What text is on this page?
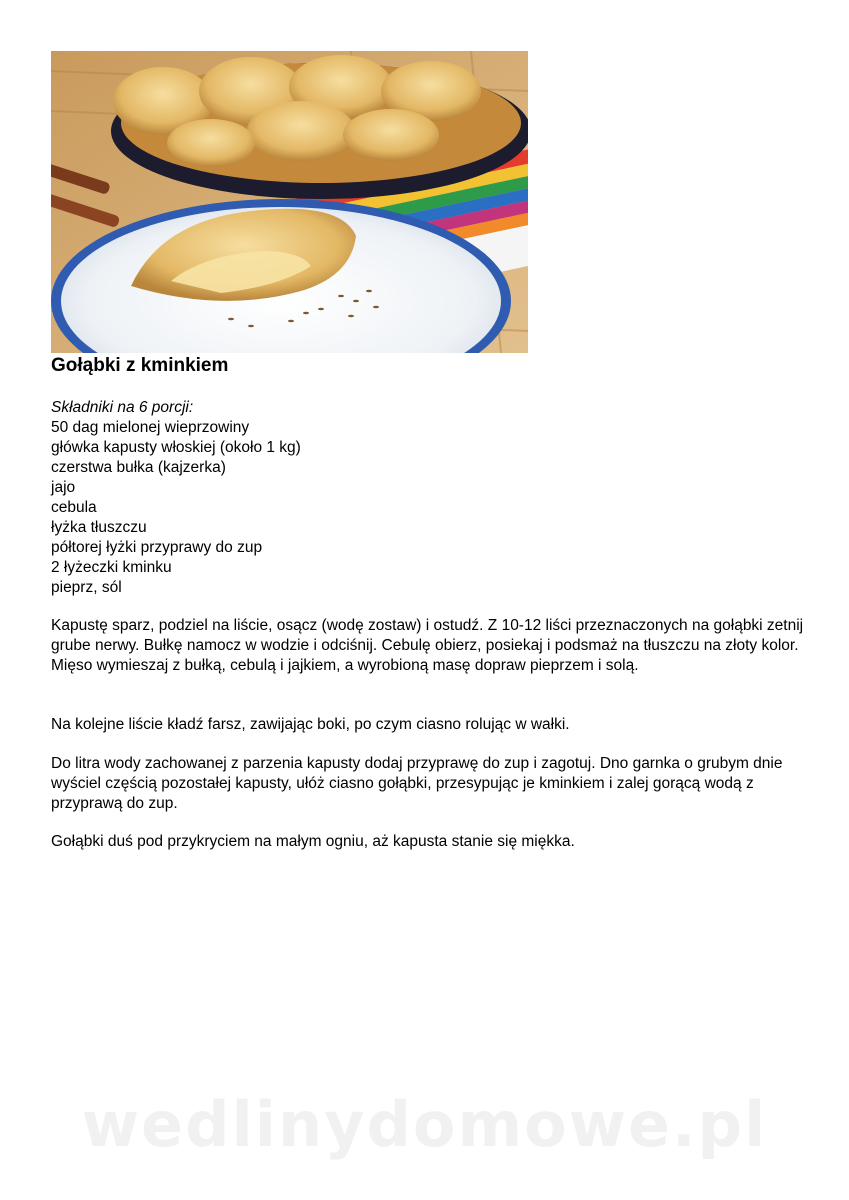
Gołąbki z kminkiem
Składniki na 6 porcji:
50 dag mielonej wieprzowiny
główka kapusty włoskiej (około 1 kg)
czerstwa bułka (kajzerka)
jajo
cebula
łyżka tłuszczu
półtorej łyżki przyprawy do zup
2 łyżeczki kminku
pieprz, sól

Kapustę sparz, podziel na liście, osącz (wodę zostaw) i ostudź. Z 10-12 liści przeznaczonych na gołąbki zetnij grube nerwy. Bułkę namocz w wodzie i odciśnij. Cebulę obierz, posiekaj i podsmaż na tłuszczu na złoty kolor. Mięso wymieszaj z bułką, cebulą i jajkiem, a wyrobioną masę dopraw pieprzem i solą.

Na kolejne liście kładź farsz, zawijając boki, po czym ciasno rolując w wałki.

Do litra wody zachowanej z parzenia kapusty dodaj przyprawę do zup i zagotuj. Dno garnka o grubym dnie wyściel częścią pozostałej kapusty, ułóż ciasno gołąbki, przesypując je kminkiem i zalej gorącą wodą z przyprawą do zup.

Gołąbki duś pod przykryciem na małym ogniu, aż kapusta stanie się miękka.

wedlinydomowe.pl
